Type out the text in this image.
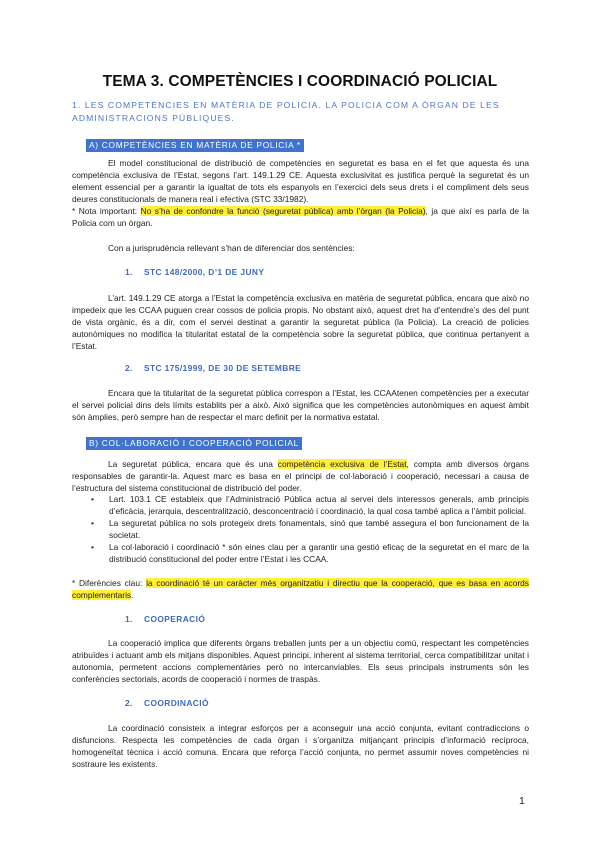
TEMA 3. COMPETÈNCIES I COORDINACIÓ POLICIAL
1. LES COMPETÈNCIES EN MATÈRIA DE POLICIA. LA POLICIA COM A ÒRGAN DE LES ADMINISTRACIONS PÚBLIQUES.
A) COMPETÈNCIES EN MATÈRIA DE POLICIA *
El model constitucional de distribució de competències en seguretat es basa en el fet que aquesta és una competència exclusiva de l’Estat, segons l’art. 149.1.29 CE. Aquesta exclusivitat es justifica perquè la seguretat és un element essencial per a garantir la igualtat de tots els espanyols en l’exercici dels seus drets i el compliment dels seus deures constitucionals de manera real i efectiva (STC 33/1982).
* Nota important: No s’ha de confondre la funció (seguretat pública) amb l’òrgan (la Policia), ja que així es parla de la Policia com un òrgan.
Con a jurisprudència rellevant s’han de diferenciar dos sentències:
1. STC 148/2000, D’1 DE JUNY
L’art. 149.1.29 CE atorga a l’Estat la competència exclusiva en matèria de seguretat pública, encara que això no impedeix que les CCAA puguen crear cossos de policia propis. No obstant això, aquest dret ha d’entendre’s des del punt de vista orgànic, és a dir, com el servei destinat a garantir la seguretat pública (la Policia). La creació de policies autonòmiques no modifica la titularitat estatal de la competència sobre la seguretat pública, que continua pertanyent a l’Estat.
2. STC 175/1999, DE 30 DE SETEMBRE
Encara que la titularitat de la seguretat pública correspon a l’Estat, les CCAAtenen competències per a executar el servei policial dins dels límits establits per a això. Això significa que les competències autonòmiques en aquest àmbit són àmplies, però sempre han de respectar el marc definit per la normativa estatal.
B) COL·LABORACIÓ I COOPERACIÓ POLICIAL
La seguretat pública, encara que és una competència exclusiva de l’Estat, compta amb diversos òrgans responsables de garantir-la. Aquest marc es basa en el principi de col·laboració i cooperació, necessari a causa de l’estructura del sistema constitucional de distribució del poder.
• Lart. 103.1 CE estableix que l’Administració Pública actua al servei dels interessos generals, amb principis d’eficàcia, jerarquia, descentralització, desconcentració i coordinació, la qual cosa també aplica a l’àmbit policial.
• La seguretat pública no sols protegeix drets fonamentals, sinó que també assegura el bon funcionament de la societat.
• La col·laboració i coordinació * són eines clau per a garantir una gestió eficaç de la seguretat en el marc de la distribució constitucional del poder entre l’Estat i les CCAA.
* Diferències clau: la coordinació té un caràcter més organitzatiu i directiu que la cooperació, que es basa en acords complementaris.
1. COOPERACIÓ
La cooperació implica que diferents òrgans treballen junts per a un objectiu comú, respectant les competències atribuïdes i actuant amb els mitjans disponibles. Aquest principi, inherent al sistema territorial, cerca compatibilitzar unitat i autonomia, permetent accions complementàries però no intercanviables. Els seus principals instruments són les conferències sectorials, acords de cooperació i normes de traspàs.
2. COORDINACIÓ
La coordinació consisteix a integrar esforços per a aconseguir una acció conjunta, evitant contradiccions o disfuncions. Respecta les competències de cada òrgan i s’organitza mitjançant principis d’informació recíproca, homogeneïtat tècnica i acció comuna. Encara que reforça l’acció conjunta, no permet assumir noves competències ni sostraure les existents.
1
